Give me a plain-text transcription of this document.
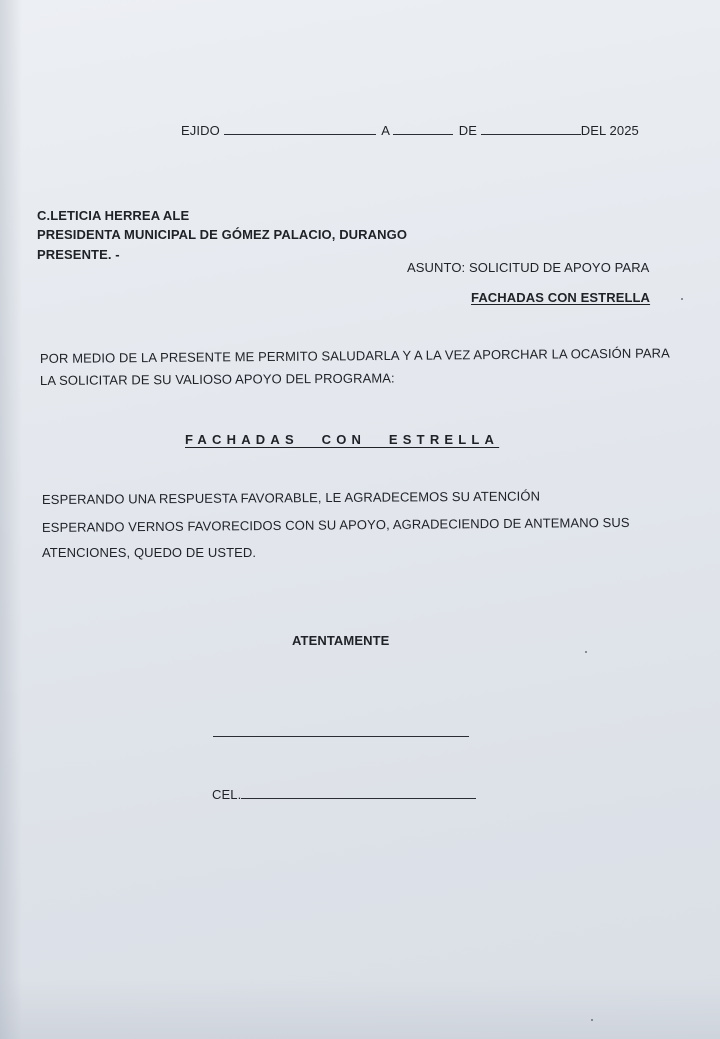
EJIDO	A	DE	DEL 2025
C.LETICIA HERREA ALE
PRESIDENTA MUNICIPAL DE GÓMEZ PALACIO, DURANGO
PRESENTE. -
ASUNTO: SOLICITUD DE APOYO PARA
FACHADAS CON ESTRELLA
POR MEDIO DE LA PRESENTE ME PERMITO SALUDARLA Y A LA VEZ APORCHAR LA OCASIÓN PARA
LA SOLICITAR DE SU VALIOSO APOYO DEL PROGRAMA:
FACHADAS CON ESTRELLA
ESPERANDO UNA RESPUESTA FAVORABLE, LE AGRADECEMOS SU ATENCIÓN
ESPERANDO VERNOS FAVORECIDOS CON SU APOYO, AGRADECIENDO DE ANTEMANO SUS
ATENCIONES, QUEDO DE USTED.
ATENTAMENTE
CEL.
